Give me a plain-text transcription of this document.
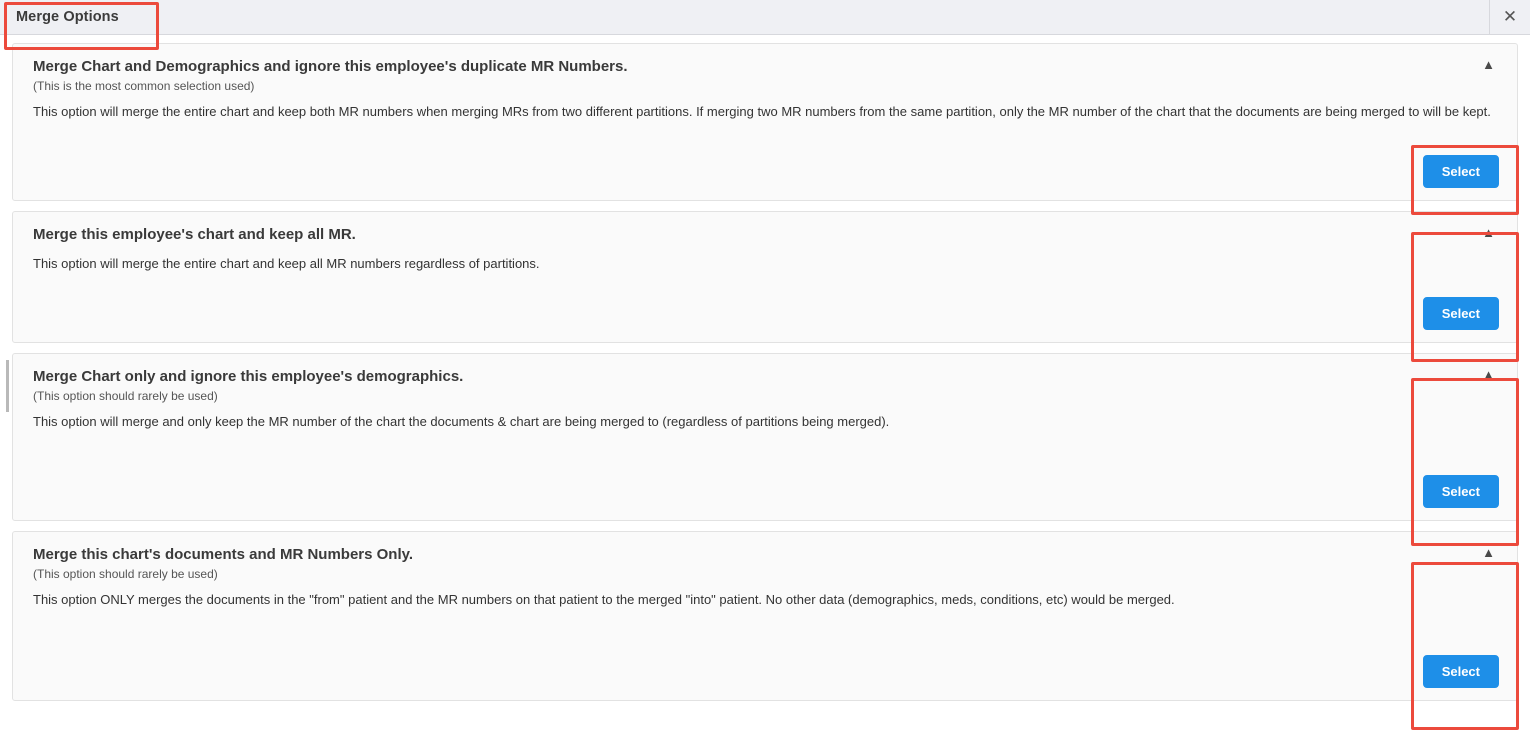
Merge Options	✕
Merge Chart and Demographics and ignore this employee's duplicate MR Numbers.
(This is the most common selection used)
This option will merge the entire chart and keep both MR numbers when merging MRs from two different partitions. If merging two MR numbers from the same partition, only the MR number of the chart that the documents are being merged to will be kept.
▲
Select
Merge this employee's chart and keep all MR.
This option will merge the entire chart and keep all MR numbers regardless of partitions.
▲
Select
Merge Chart only and ignore this employee's demographics.
(This option should rarely be used)
This option will merge and only keep the MR number of the chart the documents & chart are being merged to (regardless of partitions being merged).
▲
Select
Merge this chart's documents and MR Numbers Only.
(This option should rarely be used)
This option ONLY merges the documents in the "from" patient and the MR numbers on that patient to the merged "into" patient. No other data (demographics, meds, conditions, etc) would be merged.
▲
Select
